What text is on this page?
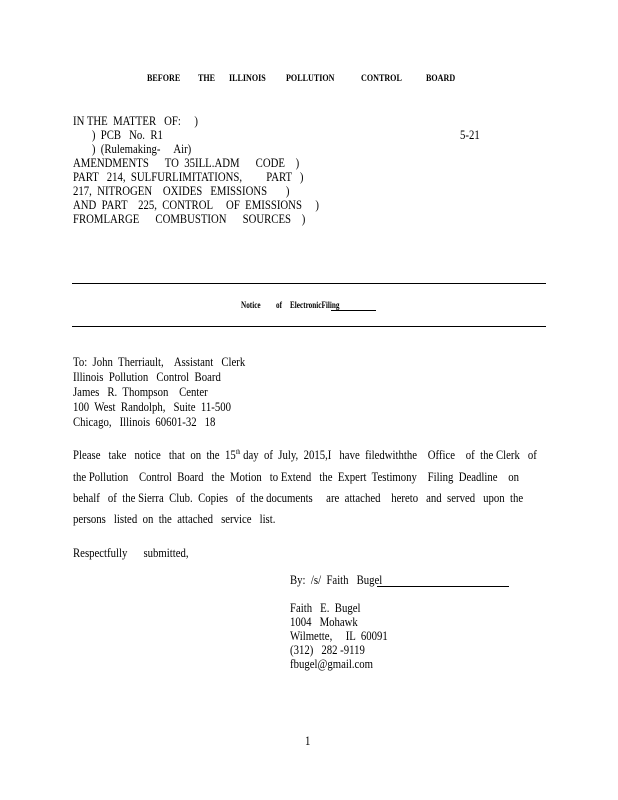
BEFORE THE ILLINOIS POLLUTION	CONTROL	BOARD
IN THE  MATTER   OF:     )
)  PCB   No.  R1	5-21
)  (Rulemaking-     Air)
AMENDMENTS      TO  35ILL.ADM      CODE    )
PART   214,  SULFURLIMITATIONS,         PART   )
217,  NITROGEN    OXIDES   EMISSIONS       )
AND  PART    225,  CONTROL     OF  EMISSIONS     )
FROMLARGE      COMBUSTION      SOURCES    )
Notice of ElectronicFiling
To:  John  Therriault,    Assistant   Clerk
Illinois  Pollution   Control  Board
James   R.  Thompson    Center
100  West  Randolph,   Suite  11-500
Chicago,   Illinois  60601-32   18
Please   take   notice   that  on  the  15th day  of  July,  2015,I   have  filedwiththe    Office    of  the Clerk   of
the Pollution    Control  Board   the  Motion   to Extend   the  Expert  Testimony    Filing  Deadline    on
behalf   of  the Sierra  Club.  Copies   of  the documents     are  attached    hereto   and  served   upon  the
persons   listed  on  the  attached   service   list.
Respectfully      submitted,
By:  /s/  Faith   Bugel
Faith   E.  Bugel
1004   Mohawk
Wilmette,     IL  60091
(312)   282 -9119
fbugel@gmail.com
1
